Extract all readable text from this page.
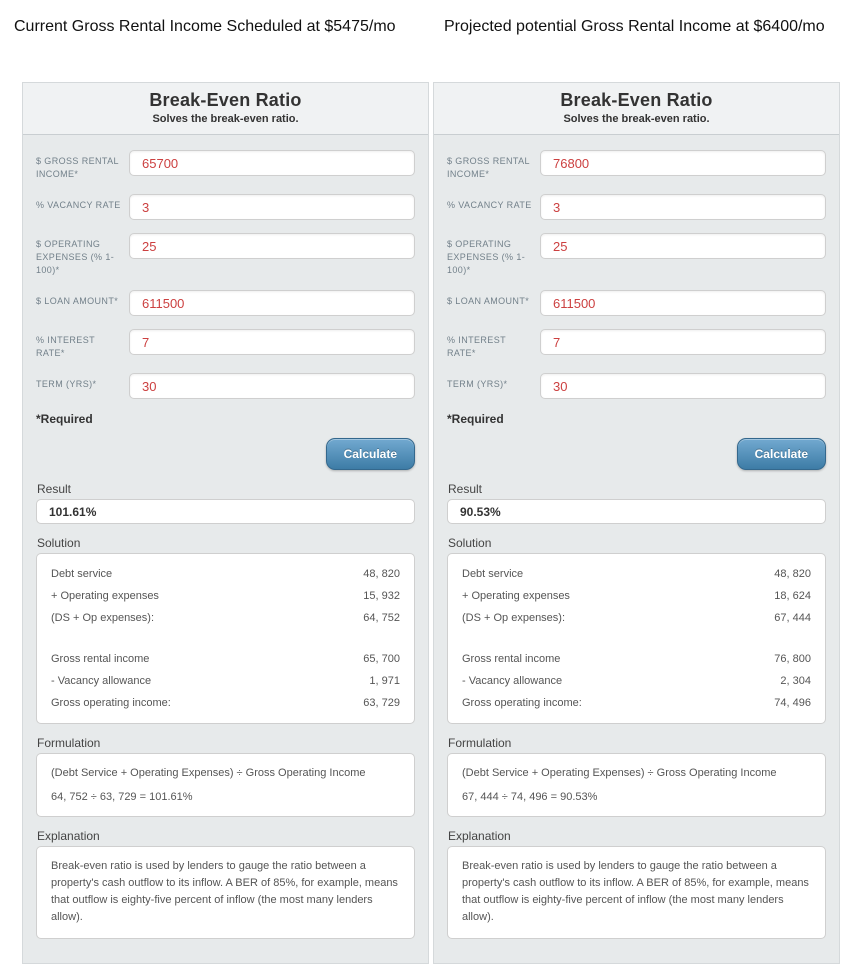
Current Gross Rental Income Scheduled at $5475/mo	Projected potential Gross Rental Income at $6400/mo
Break-Even Ratio
Solves the break-even ratio.
$ GROSS RENTAL INCOME*
65700
% VACANCY RATE
3
$ OPERATING EXPENSES (% 1-100)*
25
$ LOAN AMOUNT*
611500
% INTEREST RATE*
7
TERM (YRS)*
30
*Required
Calculate
Result
101.61%
Solution
Debt service	48, 820
+ Operating expenses	15, 932
(DS + Op expenses):	64, 752
Gross rental income	65, 700
- Vacancy allowance	1, 971
Gross operating income:	63, 729
Formulation
(Debt Service + Operating Expenses) ÷ Gross Operating Income
64, 752 ÷ 63, 729 = 101.61%
Explanation

Break-even ratio is used by lenders to gauge the ratio between a property's cash outflow to its inflow. A BER of 85%, for example, means that outflow is eighty-five percent of inflow (the most many lenders allow).

Break-Even Ratio
Solves the break-even ratio.
$ GROSS RENTAL INCOME*
76800
% VACANCY RATE
3
$ OPERATING EXPENSES (% 1-100)*
25
$ LOAN AMOUNT*
611500
% INTEREST RATE*
7
TERM (YRS)*
30
*Required
Calculate
Result
90.53%
Solution
Debt service	48, 820
+ Operating expenses	18, 624
(DS + Op expenses):	67, 444
Gross rental income	76, 800
- Vacancy allowance	2, 304
Gross operating income:	74, 496
Formulation
(Debt Service + Operating Expenses) ÷ Gross Operating Income
67, 444 ÷ 74, 496 = 90.53%
Explanation

Break-even ratio is used by lenders to gauge the ratio between a property's cash outflow to its inflow. A BER of 85%, for example, means that outflow is eighty-five percent of inflow (the most many lenders allow).
